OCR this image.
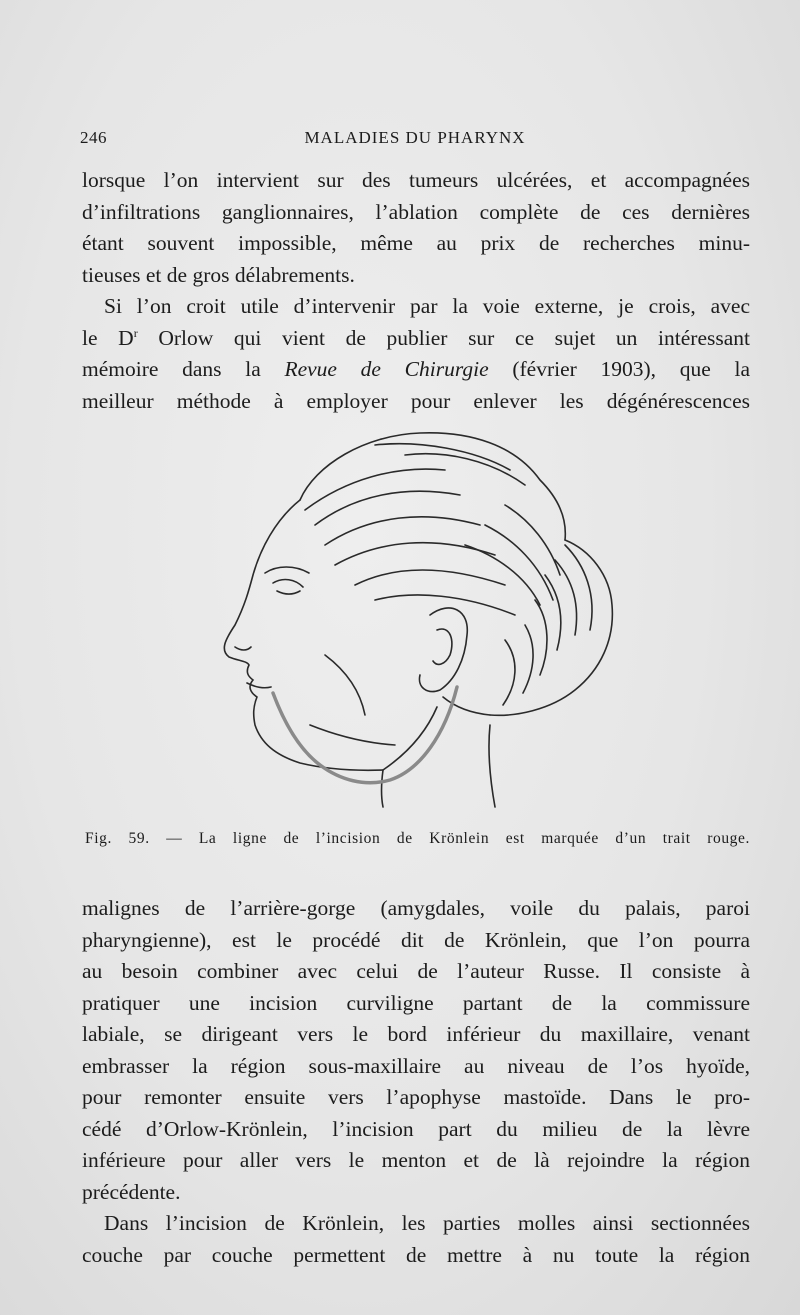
246	MALADIES DU PHARYNX
lorsque l’on intervient sur des tumeurs ulcérées, et accompagnées
d’infiltrations ganglionnaires, l’ablation complète de ces dernières
étant souvent impossible, même au prix de recherches minu-
tieuses et de gros délabrements.
Si l’on croit utile d’intervenir par la voie externe, je crois, avec
le $D^r$ Orlow qui vient de publier sur ce sujet un intéressant
mémoire dans la Revue de Chirurgie (février 1903), que la
meilleur méthode à employer pour enlever les dégénérescences
Fig. 59. — La ligne de l’incision de Krönlein est marquée d’un trait rouge.
malignes de l’arrière-gorge (amygdales, voile du palais, paroi
pharyngienne), est le procédé dit de Krönlein, que l’on pourra
au besoin combiner avec celui de l’auteur Russe. Il consiste à
pratiquer une incision curviligne partant de la commissure
labiale, se dirigeant vers le bord inférieur du maxillaire, venant
embrasser la région sous-maxillaire au niveau de l’os hyoïde,
pour remonter ensuite vers l’apophyse mastoïde. Dans le pro-
cédé d’Orlow-Krönlein, l’incision part du milieu de la lèvre
inférieure pour aller vers le menton et de là rejoindre la région
précédente.
Dans l’incision de Krönlein, les parties molles ainsi sectionnées
couche par couche permettent de mettre à nu toute la région
